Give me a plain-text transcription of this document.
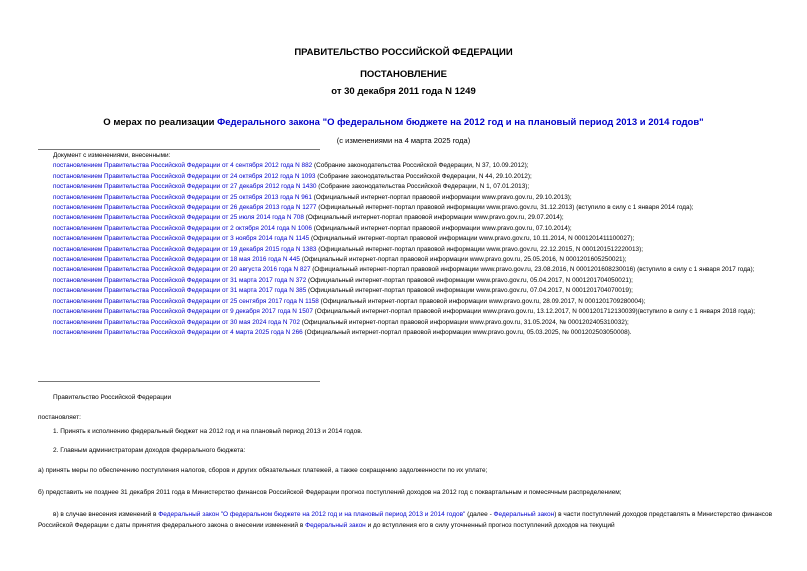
ПРАВИТЕЛЬСТВО РОССИЙСКОЙ ФЕДЕРАЦИИ
ПОСТАНОВЛЕНИЕ
от 30 декабря 2011 года N 1249
О мерах по реализации Федерального закона "О федеральном бюджете на 2012 год и на плановый период 2013 и 2014 годов"
(с изменениями на 4 марта 2025 года)

Документ с изменениями, внесенными:

постановлением Правительства Российской Федерации от 4 сентября 2012 года N 882 (Собрание законодательства Российской Федерации, N 37, 10.09.2012);

постановлением Правительства Российской Федерации от 24 октября 2012 года N 1093 (Собрание законодательства Российской Федерации, N 44, 29.10.2012);

постановлением Правительства Российской Федерации от 27 декабря 2012 года N 1430 (Собрание законодательства Российской Федерации, N 1, 07.01.2013);

постановлением Правительства Российской Федерации от 25 октября 2013 года N 961 (Официальный интернет-портал правовой информации www.pravo.gov.ru, 29.10.2013);

постановлением Правительства Российской Федерации от 26 декабря 2013 года N 1277 (Официальный интернет-портал правовой информации www.pravo.gov.ru, 31.12.2013) (вступило в силу с 1 января 2014 года);

постановлением Правительства Российской Федерации от 25 июля 2014 года N 708 (Официальный интернет-портал правовой информации www.pravo.gov.ru, 29.07.2014);

постановлением Правительства Российской Федерации от 2 октября 2014 года N 1006 (Официальный интернет-портал правовой информации www.pravo.gov.ru, 07.10.2014);

постановлением Правительства Российской Федерации от 3 ноября 2014 года N 1145 (Официальный интернет-портал правовой информации www.pravo.gov.ru, 10.11.2014, N 0001201411100027);

постановлением Правительства Российской Федерации от 19 декабря 2015 года N 1383 (Официальный интернет-портал правовой информации www.pravo.gov.ru, 22.12.2015, N 0001201512220013);

постановлением Правительства Российской Федерации от 18 мая 2016 года N 445 (Официальный интернет-портал правовой информации www.pravo.gov.ru, 25.05.2016, N 0001201605250021);

постановлением Правительства Российской Федерации от 20 августа 2016 года N 827 (Официальный интернет-портал правовой информации www.pravo.gov.ru, 23.08.2016, N 0001201608230016) (вступило в силу с 1 января 2017 года);

постановлением Правительства Российской Федерации от 31 марта 2017 года N 372 (Официальный интернет-портал правовой информации www.pravo.gov.ru, 05.04.2017, N 0001201704050021);

постановлением Правительства Российской Федерации от 31 марта 2017 года N 385 (Официальный интернет-портал правовой информации www.pravo.gov.ru, 07.04.2017, N 0001201704070019);

постановлением Правительства Российской Федерации от 25 сентября 2017 года N 1158 (Официальный интернет-портал правовой информации www.pravo.gov.ru, 28.09.2017, N 0001201709280004);

постановлением Правительства Российской Федерации от 9 декабря 2017 года N 1507 (Официальный интернет-портал правовой информации www.pravo.gov.ru, 13.12.2017, N 0001201712130039)(вступило в силу с 1 января 2018 года);

постановлением Правительства Российской Федерации от 30 мая 2024 года N 702 (Официальный интернет-портал правовой информации www.pravo.gov.ru, 31.05.2024, № 0001202405310032);

постановлением Правительства Российской Федерации от 4 марта 2025 года N 266 (Официальный интернет-портал правовой информации www.pravo.gov.ru, 05.03.2025, № 0001202503050008).

Правительство Российской Федерации

постановляет:

1. Принять к исполнению федеральный бюджет на 2012 год и на плановый период 2013 и 2014 годов.

2. Главным администраторам доходов федерального бюджета:

а) принять меры по обеспечению поступления налогов, сборов и других обязательных платежей, а также сокращению задолженности по их уплате;

б) представить не позднее 31 декабря 2011 года в Министерство финансов Российской Федерации прогноз поступлений доходов на 2012 год с поквартальным и помесячным распределением;

в) в случае внесения изменений в Федеральный закон "О федеральном бюджете на 2012 год и на плановый период 2013 и 2014 годов" (далее - Федеральный закон) в части поступлений доходов представлять в Министерство финансов Российской Федерации с даты принятия федерального закона о внесении изменений в Федеральный закон и до вступления его в силу уточненный прогноз поступлений доходов на текущий
